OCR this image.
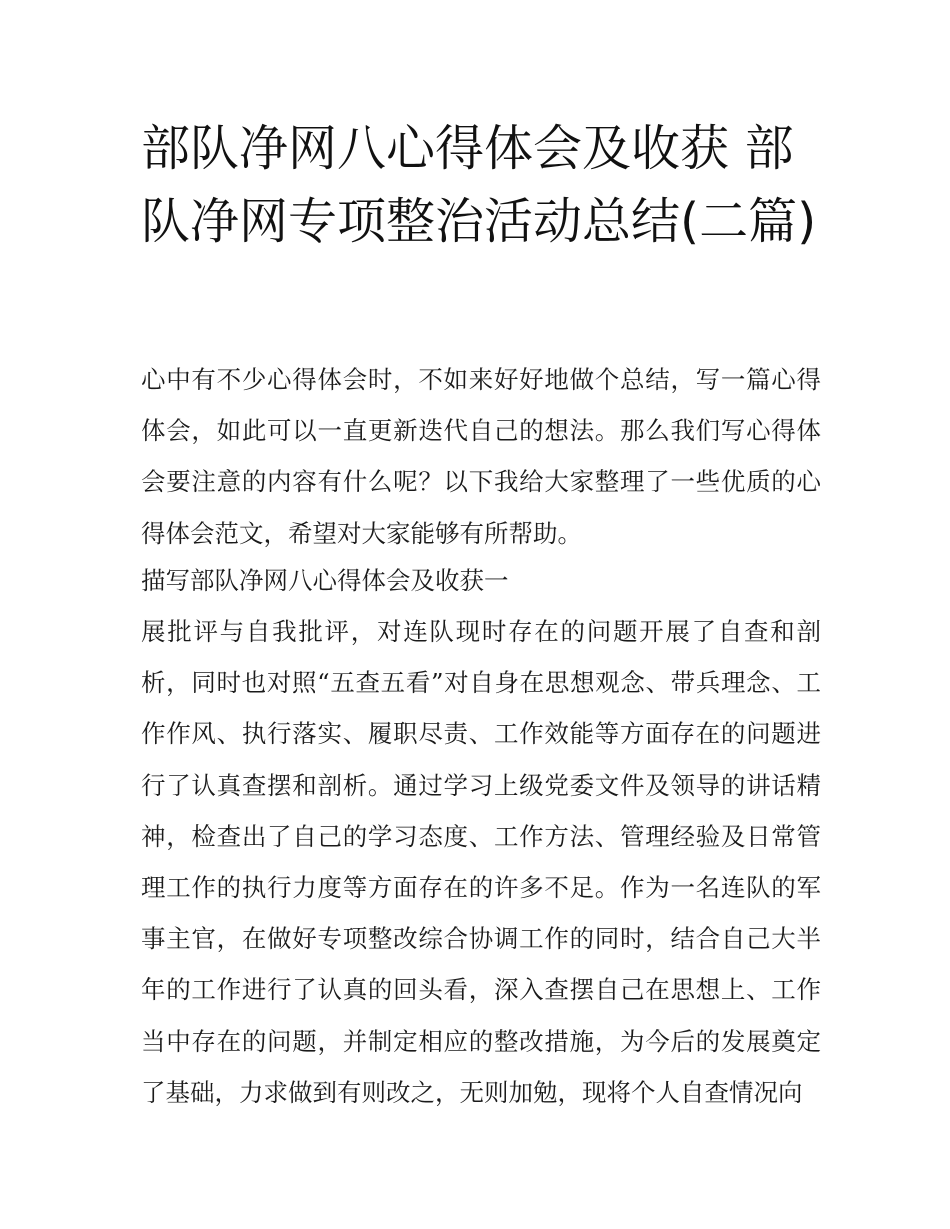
部队净网八心得体会及收获 部队净网专项整治活动总结(二篇)

心中有不少心得体会时，不如来好好地做个总结，写一篇心得体会，如此可以一直更新迭代自己的想法。那么我们写心得体会要注意的内容有什么呢？以下我给大家整理了一些优质的心得体会范文，希望对大家能够有所帮助。

描写部队净网八心得体会及收获一

展批评与自我批评，对连队现时存在的问题开展了自查和剖析，同时也对照“五查五看”对自身在思想观念、带兵理念、工作作风、执行落实、履职尽责、工作效能等方面存在的问题进行了认真查摆和剖析。通过学习上级党委文件及领导的讲话精神，检查出了自己的学习态度、工作方法、管理经验及日常管理工作的执行力度等方面存在的许多不足。作为一名连队的军事主官，在做好专项整改综合协调工作的同时，结合自己大半年的工作进行了认真的回头看，深入查摆自己在思想上、工作当中存在的问题，并制定相应的整改措施，为今后的发展奠定了基础，力求做到有则改之，无则加勉，现将个人自查情况向
